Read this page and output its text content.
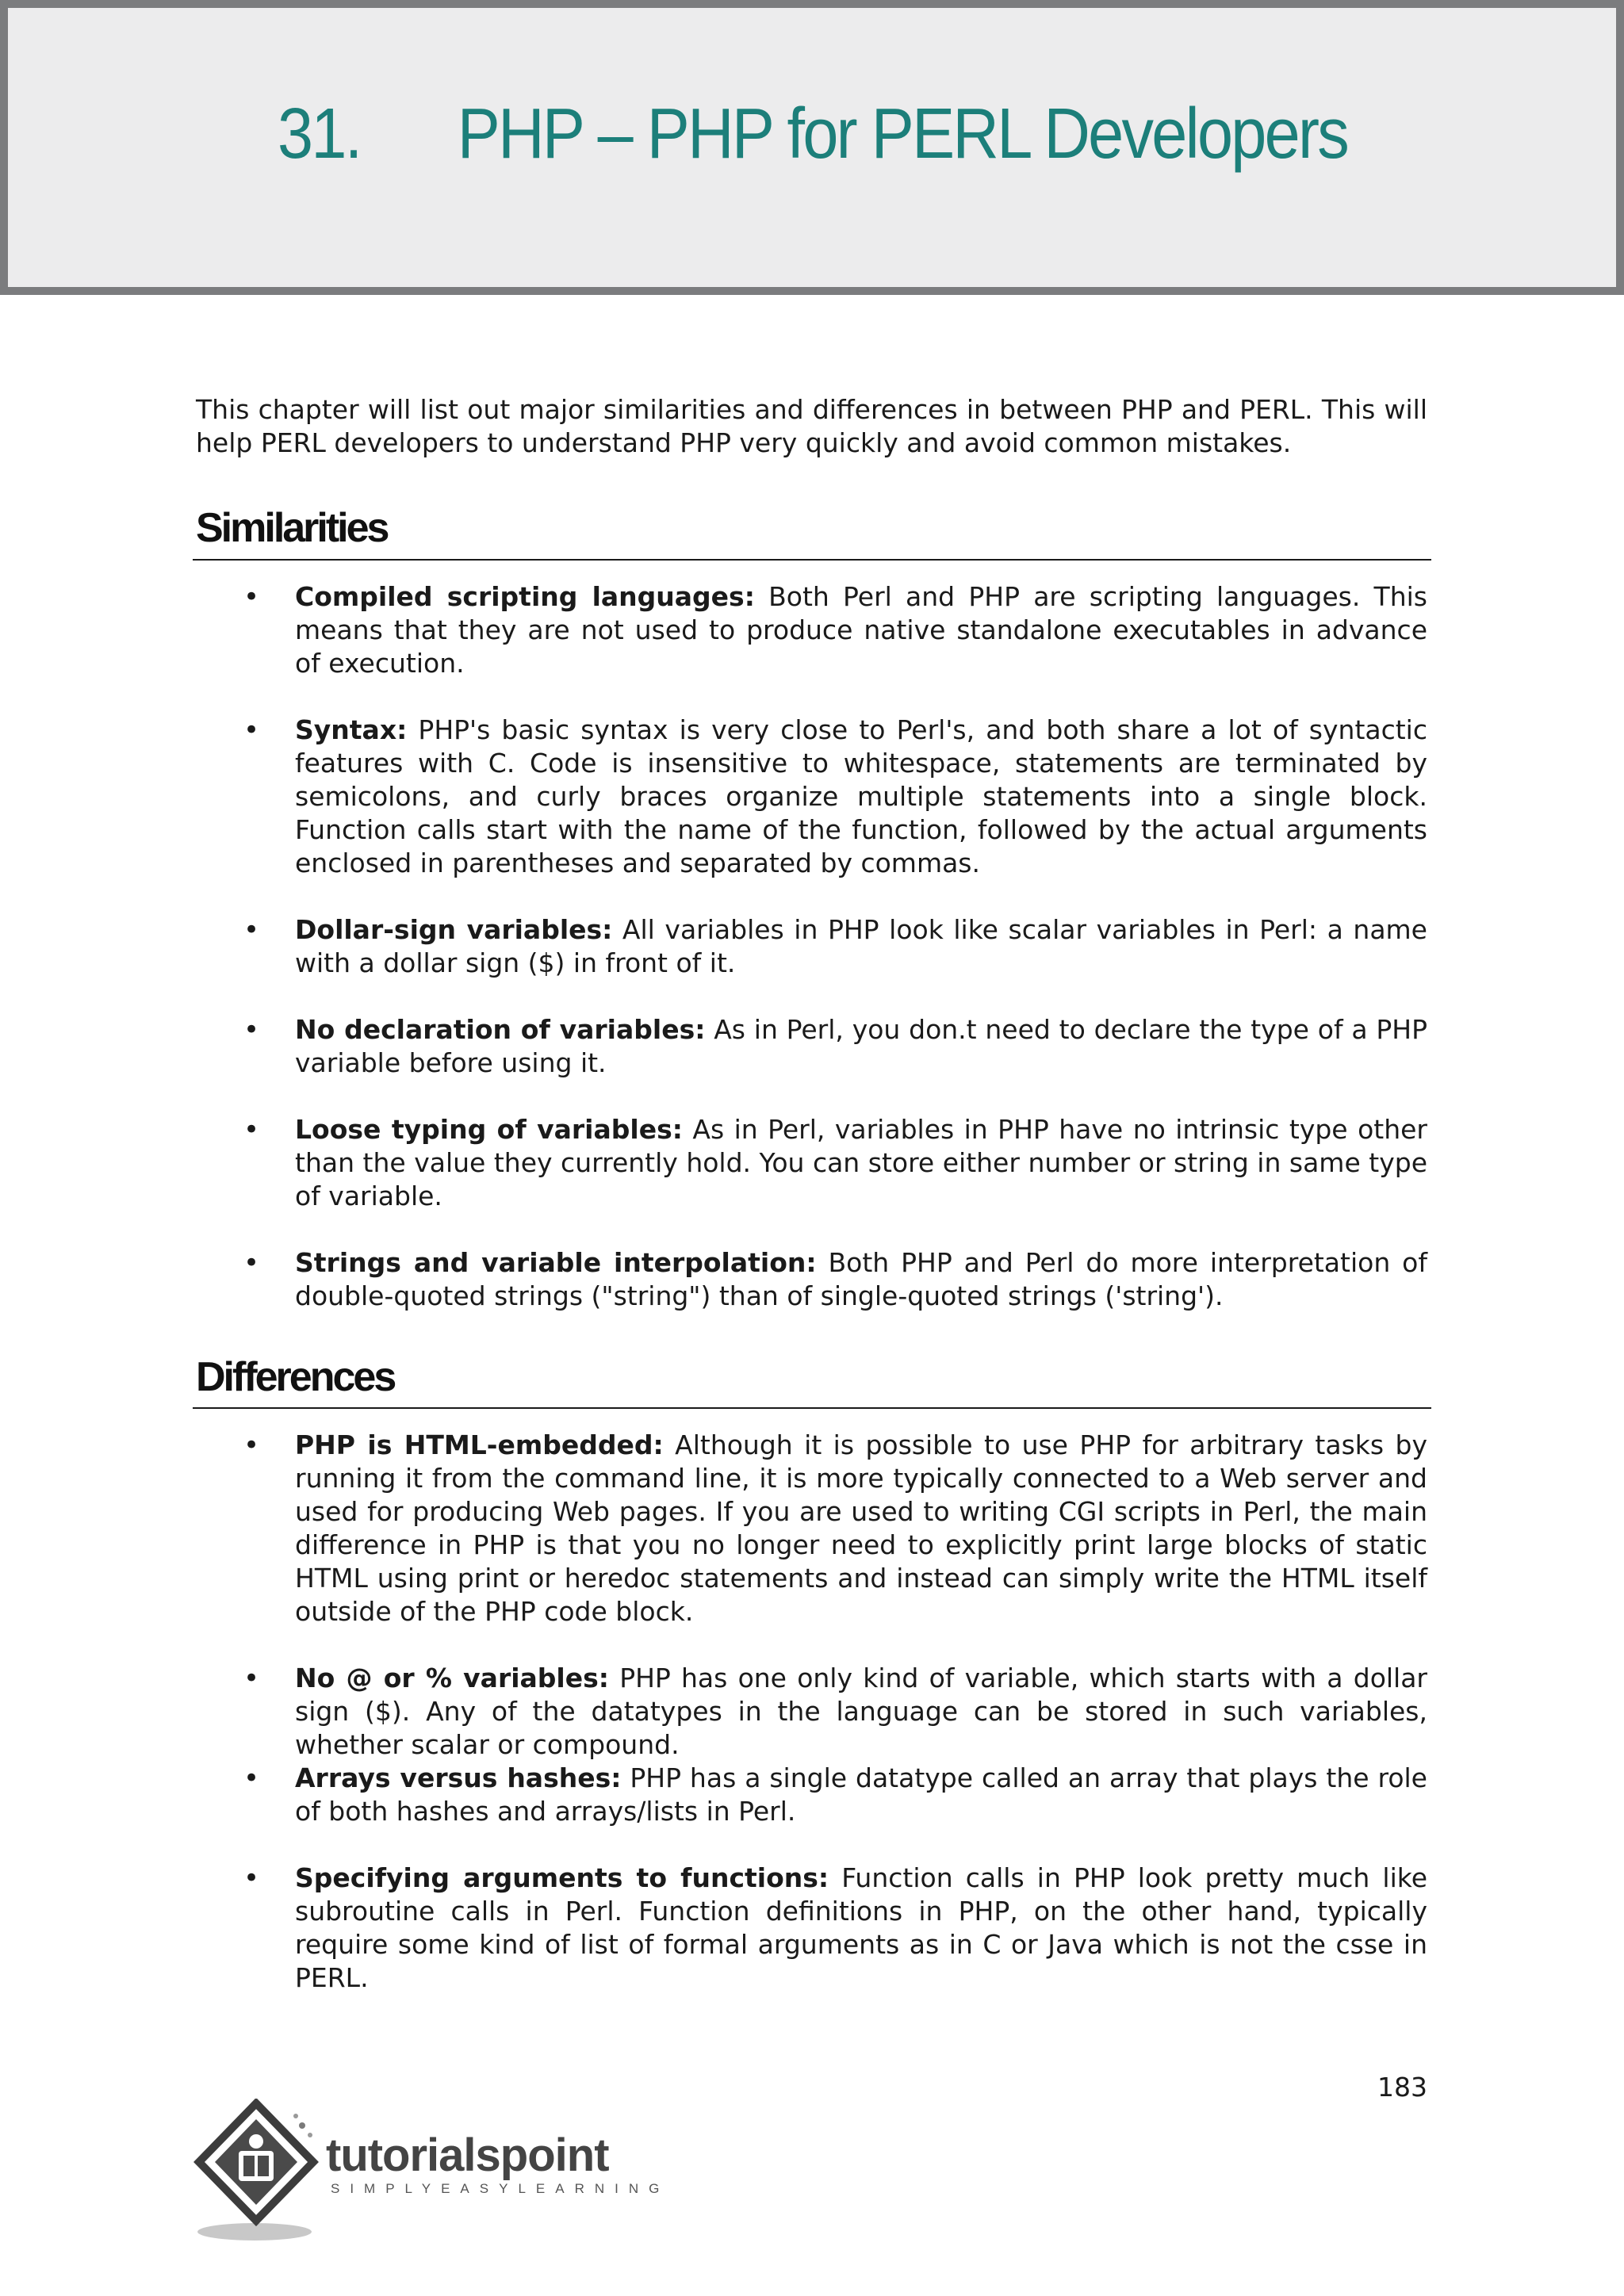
31. PHP – PHP for PERL Developers

This chapter will list out major similarities and differences in between PHP and PERL. This will help PERL developers to understand PHP very quickly and avoid common mistakes.

Similarities
• Compiled scripting languages: Both Perl and PHP are scripting languages. This means that they are not used to produce native standalone executables in advance of execution.
• Syntax: PHP's basic syntax is very close to Perl's, and both share a lot of syntactic features with C. Code is insensitive to whitespace, statements are terminated by semicolons, and curly braces organize multiple statements into a single block. Function calls start with the name of the function, followed by the actual arguments enclosed in parentheses and separated by commas.
• Dollar-sign variables: All variables in PHP look like scalar variables in Perl: a name with a dollar sign ($) in front of it.
• No declaration of variables: As in Perl, you don.t need to declare the type of a PHP variable before using it.
• Loose typing of variables: As in Perl, variables in PHP have no intrinsic type other than the value they currently hold. You can store either number or string in same type of variable.
• Strings and variable interpolation: Both PHP and Perl do more interpretation of double-quoted strings ("string") than of single-quoted strings ('string').
Differences
• PHP is HTML-embedded: Although it is possible to use PHP for arbitrary tasks by running it from the command line, it is more typically connected to a Web server and used for producing Web pages. If you are used to writing CGI scripts in Perl, the main difference in PHP is that you no longer need to explicitly print large blocks of static HTML using print or heredoc statements and instead can simply write the HTML itself outside of the PHP code block.
• No @ or % variables: PHP has one only kind of variable, which starts with a dollar sign ($). Any of the datatypes in the language can be stored in such variables, whether scalar or compound.
• Arrays versus hashes: PHP has a single datatype called an array that plays the role of both hashes and arrays/lists in Perl.
• Specifying arguments to functions: Function calls in PHP look pretty much like subroutine calls in Perl. Function definitions in PHP, on the other hand, typically require some kind of list of formal arguments as in C or Java which is not the csse in PERL.

183

tutorialspoint

SIMPLYEASYLEARNING
